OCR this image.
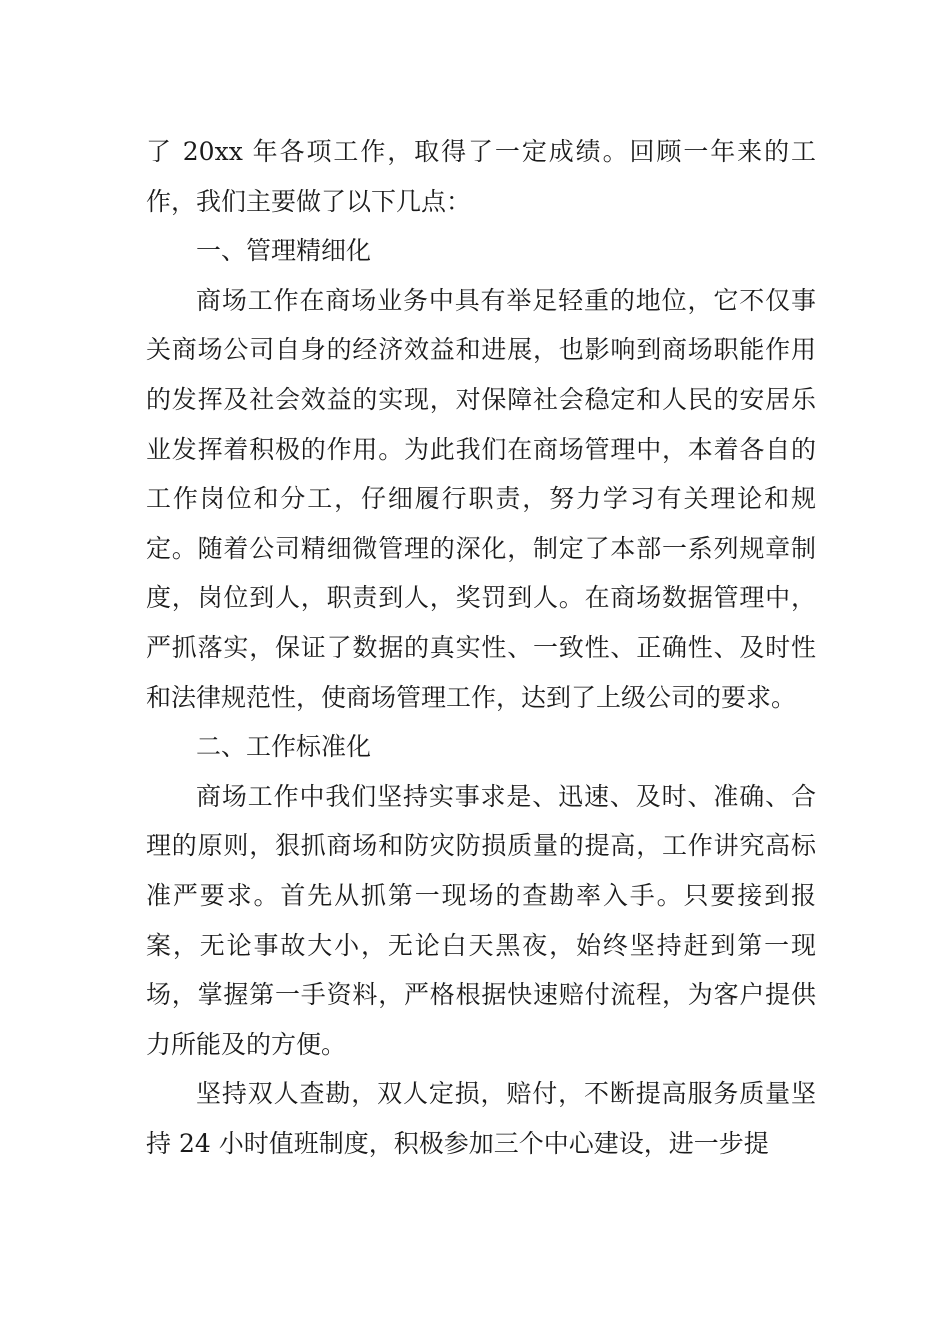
了 20xx 年各项工作，取得了一定成绩。回顾一年来的工作，我们主要做了以下几点：

一、管理精细化

商场工作在商场业务中具有举足轻重的地位，它不仅事关商场公司自身的经济效益和进展，也影响到商场职能作用的发挥及社会效益的实现，对保障社会稳定和人民的安居乐业发挥着积极的作用。为此我们在商场管理中，本着各自的工作岗位和分工，仔细履行职责，努力学习有关理论和规定。随着公司精细微管理的深化，制定了本部一系列规章制度，岗位到人，职责到人，奖罚到人。在商场数据管理中，严抓落实，保证了数据的真实性、一致性、正确性、及时性和法律规范性，使商场管理工作，达到了上级公司的要求。

二、工作标准化

商场工作中我们坚持实事求是、迅速、及时、准确、合理的原则，狠抓商场和防灾防损质量的提高，工作讲究高标准严要求。首先从抓第一现场的查勘率入手。只要接到报案，无论事故大小，无论白天黑夜，始终坚持赶到第一现场，掌握第一手资料，严格根据快速赔付流程，为客户提供力所能及的方便。

坚持双人查勘，双人定损，赔付，不断提高服务质量坚持 24 小时值班制度，积极参加三个中心建设，进一步提
